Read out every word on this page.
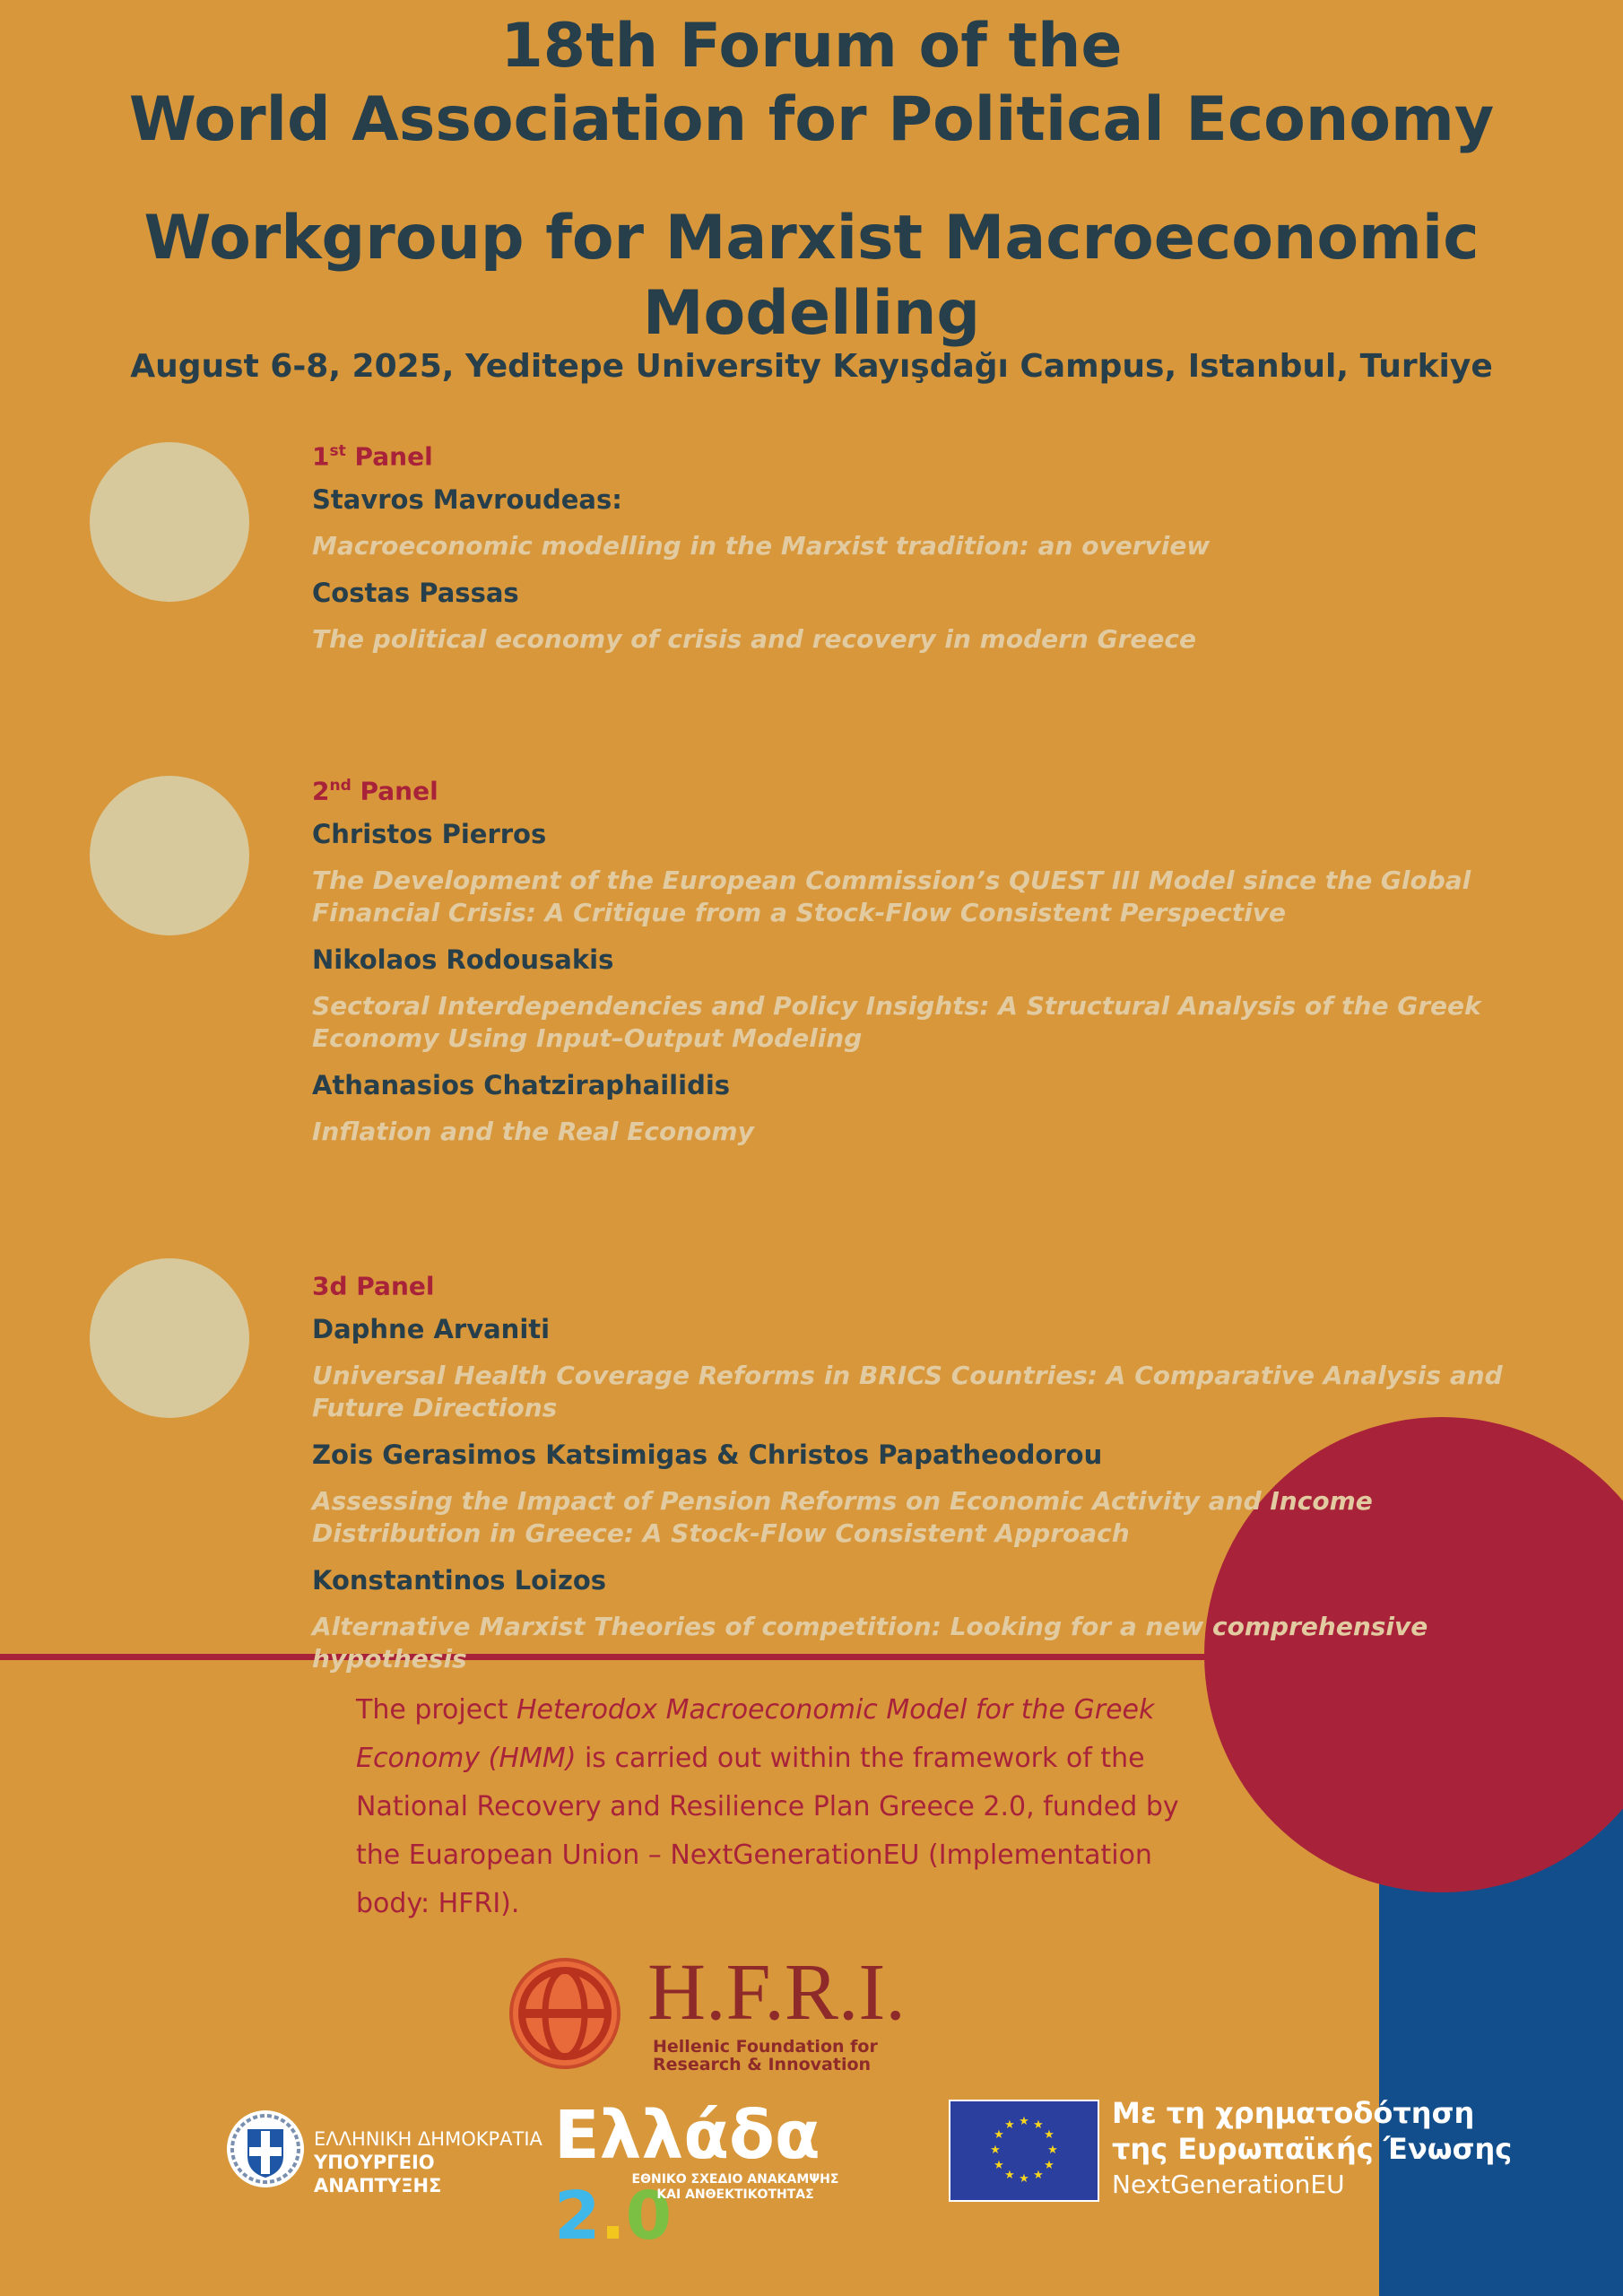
18th Forum of the
World Association for Political Economy
Workgroup for Marxist Macroeconomic Modelling
August 6-8, 2025, Yeditepe University Kayışdağı Campus, Istanbul, Turkiye
1st Panel
Stavros Mavroudeas:
Macroeconomic modelling in the Marxist tradition: an overview
Costas Passas
The political economy of crisis and recovery in modern Greece
2nd Panel
Christos Pierros
The Development of the European Commission’s QUEST III Model since the Global Financial Crisis: A Critique from a Stock-Flow Consistent Perspective
Nikolaos Rodousakis
Sectoral Interdependencies and Policy Insights: A Structural Analysis of the Greek Economy Using Input–Output Modeling
Athanasios Chatziraphailidis
Inflation and the Real Economy
3d Panel
Daphne Arvaniti
Universal Health Coverage Reforms in BRICS Countries: A Comparative Analysis and Future Directions
Zois Gerasimos Katsimigas & Christos Papatheodorou
Assessing the Impact of Pension Reforms on Economic Activity and Income Distribution in Greece: A Stock-Flow Consistent Approach
Konstantinos Loizos
Alternative Marxist Theories of competition: Looking for a new comprehensive hypothesis
The project Heterodox Macroeconomic Model for the Greek Economy (HMM) is carried out within the framework of the National Recovery and Resilience Plan Greece 2.0, funded by the Euaropean Union – NextGenerationEU (Implementation body: HFRI).
H.F.R.I.
Hellenic Foundation for
Research & Innovation
ΕΛΛΗΝΙΚΗ ΔΗΜΟΚΡΑΤΙΑ
ΥΠΟΥΡΓΕΙΟ ΑΝΑΠΤΥΞΗΣ
Ελλάδα 2.0
ΕΘΝΙΚΟ ΣΧΕΔΙΟ ΑΝΑΚΑΜΨΗΣ
ΚΑΙ ΑΝΘΕΚΤΙΚΟΤΗΤΑΣ
★ ★
★
★
★
★
★
★
★
★
★
★	Με τη χρηματοδότηση
της Ευρωπαϊκής Ένωσης
NextGenerationEU
